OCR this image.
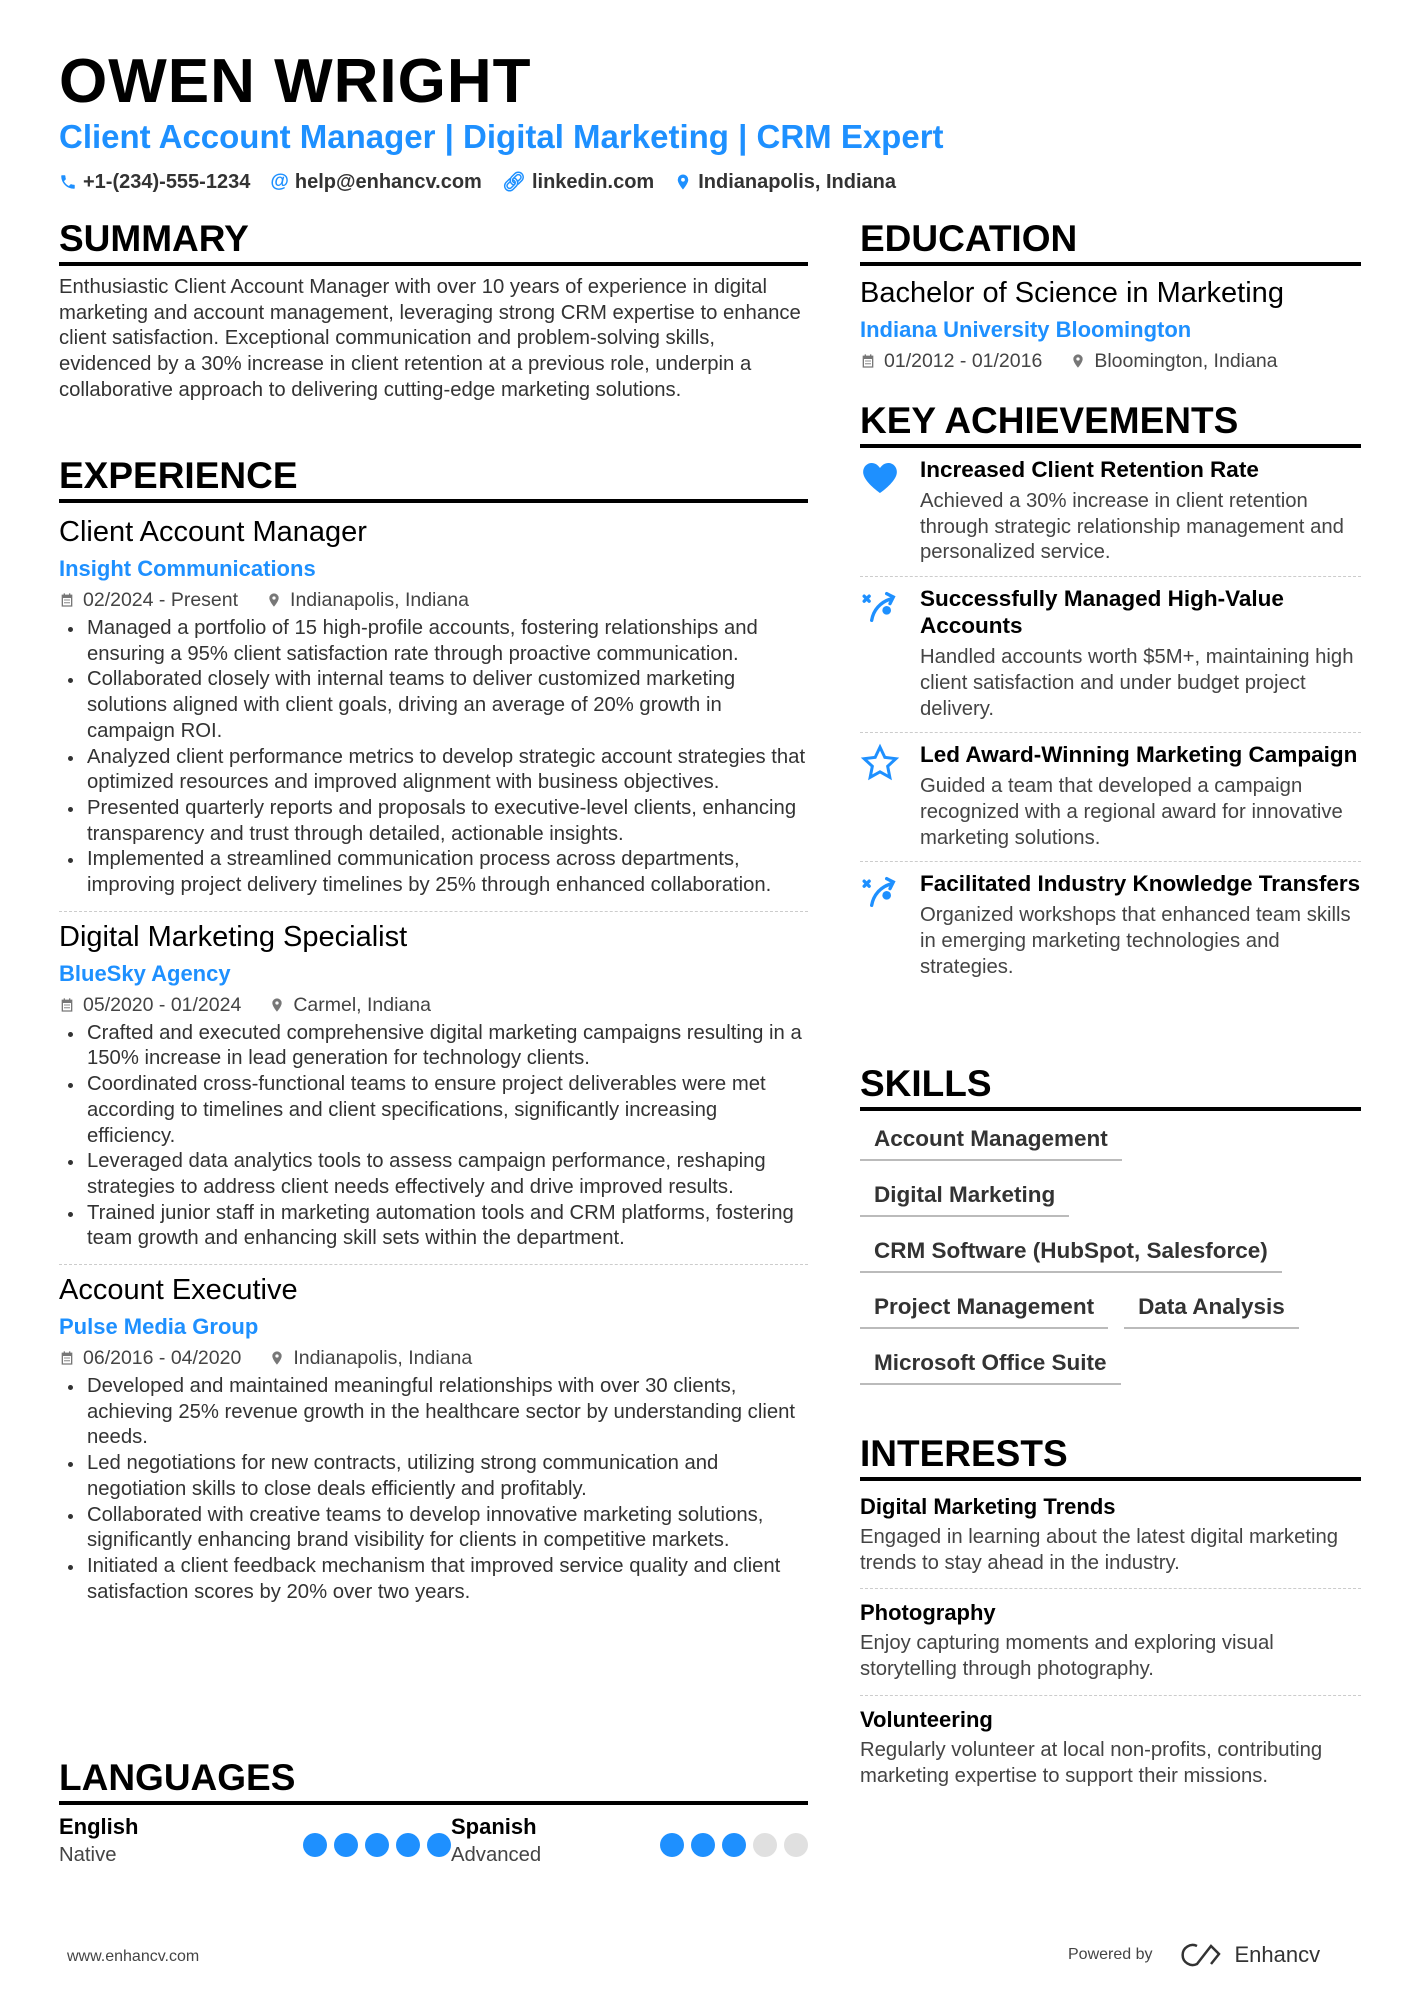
OWEN WRIGHT
Client Account Manager | Digital Marketing | CRM Expert
+1-(234)-555-1234 @ help@enhancv.com 🔗︎ linkedin.com Indianapolis, Indiana
SUMMARY
Enthusiastic Client Account Manager with over 10 years of experience in digital marketing and account management, leveraging strong CRM expertise to enhance client satisfaction. Exceptional communication and problem-solving skills, evidenced by a 30% increase in client retention at a previous role, underpin a collaborative approach to delivering cutting-edge marketing solutions.
EXPERIENCE
Client Account Manager
Insight Communications
02/2024 - Present	Indianapolis, Indiana
Managed a portfolio of 15 high-profile accounts, fostering relationships and ensuring a 95% client satisfaction rate through proactive communication.
Collaborated closely with internal teams to deliver customized marketing solutions aligned with client goals, driving an average of 20% growth in campaign ROI.
Analyzed client performance metrics to develop strategic account strategies that optimized resources and improved alignment with business objectives.
Presented quarterly reports and proposals to executive-level clients, enhancing transparency and trust through detailed, actionable insights.
Implemented a streamlined communication process across departments, improving project delivery timelines by 25% through enhanced collaboration.
Digital Marketing Specialist
BlueSky Agency
05/2020 - 01/2024	Carmel, Indiana
Crafted and executed comprehensive digital marketing campaigns resulting in a 150% increase in lead generation for technology clients.
Coordinated cross-functional teams to ensure project deliverables were met according to timelines and client specifications, significantly increasing efficiency.
Leveraged data analytics tools to assess campaign performance, reshaping strategies to address client needs effectively and drive improved results.
Trained junior staff in marketing automation tools and CRM platforms, fostering team growth and enhancing skill sets within the department.
Account Executive
Pulse Media Group
06/2016 - 04/2020	Indianapolis, Indiana
Developed and maintained meaningful relationships with over 30 clients, achieving 25% revenue growth in the healthcare sector by understanding client needs.
Led negotiations for new contracts, utilizing strong communication and negotiation skills to close deals efficiently and profitably.
Collaborated with creative teams to develop innovative marketing solutions, significantly enhancing brand visibility for clients in competitive markets.
Initiated a client feedback mechanism that improved service quality and client satisfaction scores by 20% over two years.
LANGUAGES
English
Native
Spanish
Advanced
EDUCATION
Bachelor of Science in Marketing
Indiana University Bloomington
01/2012 - 01/2016	Bloomington, Indiana
KEY ACHIEVEMENTS
Increased Client Retention Rate
Achieved a 30% increase in client retention through strategic relationship management and personalized service.
Successfully Managed High-Value Accounts
Handled accounts worth $5M+, maintaining high client satisfaction and under budget project delivery.
Led Award-Winning Marketing Campaign
Guided a team that developed a campaign recognized with a regional award for innovative marketing solutions.
Facilitated Industry Knowledge Transfers
Organized workshops that enhanced team skills in emerging marketing technologies and strategies.
SKILLS
Account Management
Digital Marketing
CRM Software (HubSpot, Salesforce)
Project Management	Data Analysis
Microsoft Office Suite
INTERESTS
Digital Marketing Trends
Engaged in learning about the latest digital marketing trends to stay ahead in the industry.
Photography
Enjoy capturing moments and exploring visual storytelling through photography.
Volunteering
Regularly volunteer at local non-profits, contributing marketing expertise to support their missions.
www.enhancv.com	Powered by	Enhancv
